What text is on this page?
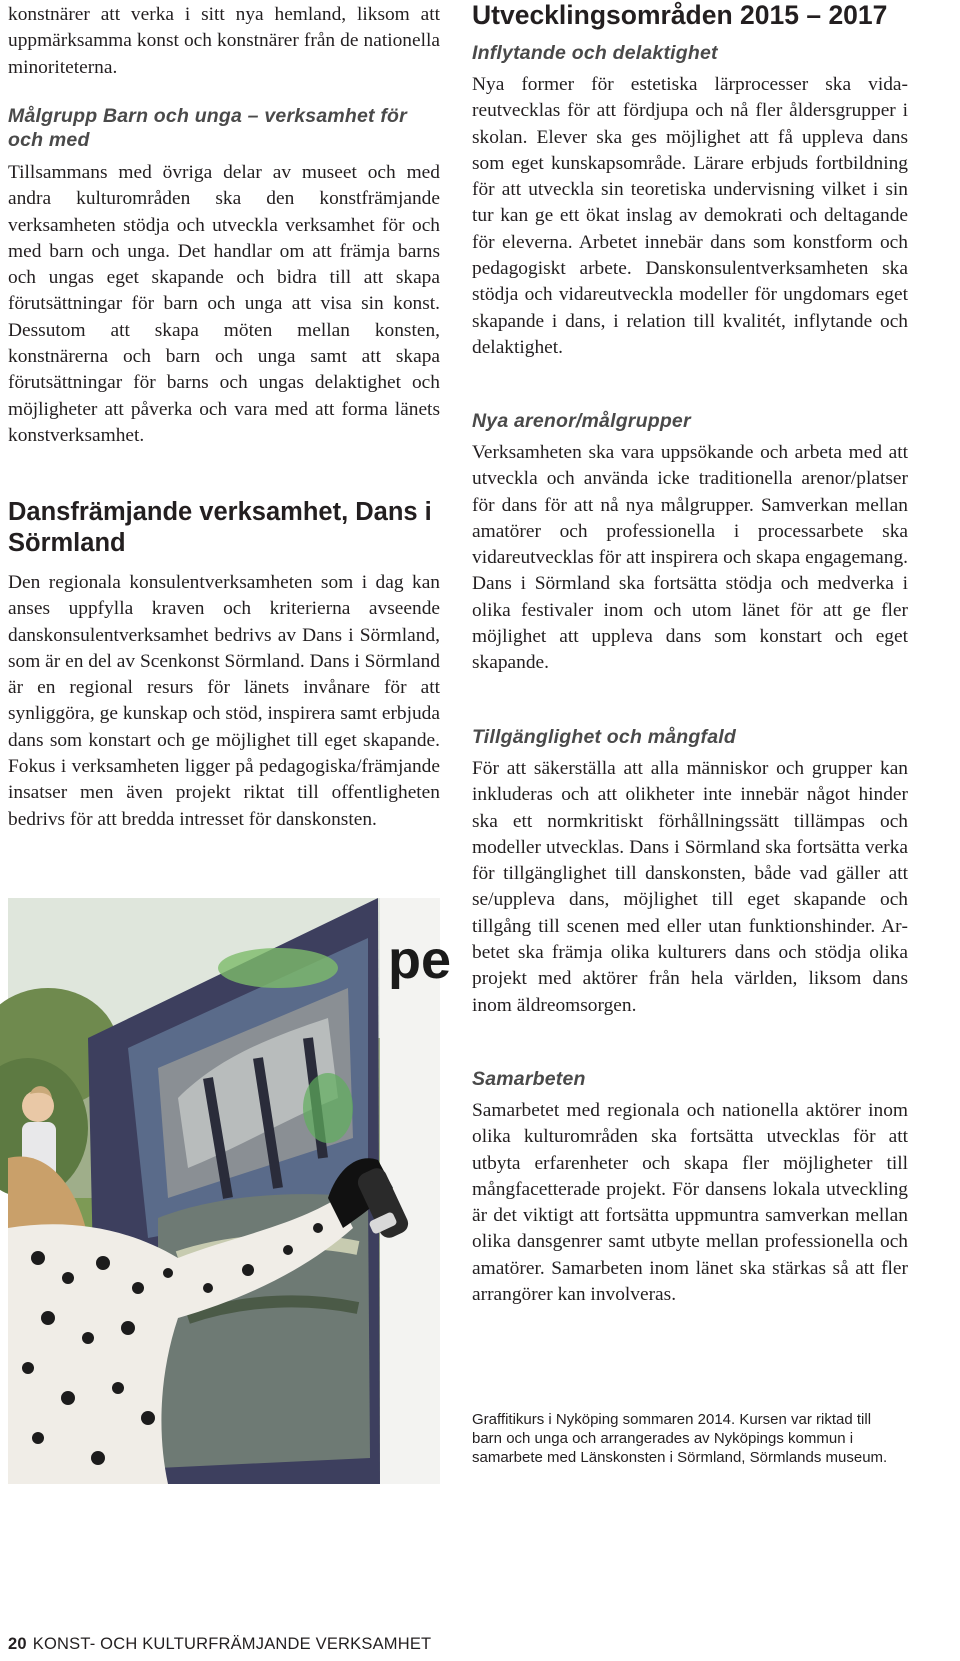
konstnärer att verka i sitt nya hemland, liksom att uppmärksamma konst och konstnärer från de nationella minoriteterna.

Målgrupp Barn och unga – verksamhet för och med

Tillsammans med övriga delar av museet och med andra kulturområden ska den konstfrämjande verksamheten stödja och utveckla verksamhet för och med barn och unga. Det handlar om att främja barns och ungas eget skapande och bidra till att skapa förutsättningar för barn och unga att visa sin konst. Dessutom att skapa möten mellan konsten, konstnärerna och barn och unga samt att skapa förutsättningar för barns och ungas delaktighet och möjligheter att påverka och vara med att forma länets konstverksamhet.

Dansfrämjande verksamhet, Dans i Sörmland

Den regionala konsulentverksamheten som i dag kan anses uppfylla kraven och kriterierna avseende danskonsulentverksamhet bedrivs av Dans i Sörmland, som är en del av Scenkonst Sörmland. Dans i Sörmland är en regional resurs för länets invånare för att synliggöra, ge kunskap och stöd, inspirera samt erbjuda dans som konstart och ge möjlighet till eget skapande. Fokus i verksamheten ligger på pedagogiska/främjande insatser men även projekt riktat till offentligheten bedrivs för att bredda intresset för danskonsten.

pe
Utvecklingsområden 2015 – 2017
Inflytande och delaktighet

Nya former för estetiska lärprocesser ska vidareutvecklas för att fördjupa och nå fler åldersgrupper i skolan. Elever ska ges möjlighet att få uppleva dans som eget kunskapsområde. Lärare erbjuds fortbildning för att utveckla sin teoretiska undervisning vilket i sin tur kan ge ett ökat inslag av demokrati och deltagande för eleverna. Arbetet innebär dans som konstform och pedagogiskt arbete. Danskonsulentverksamheten ska stödja och vidareutveckla modeller för ungdomars eget skapande i dans, i relation till kvalitét, inflytande och delaktighet.

Nya arenor/målgrupper

Verksamheten ska vara uppsökande och arbeta med att utveckla och använda icke traditionella arenor/platser för dans för att nå nya målgrupper. Samverkan mellan amatörer och professionella i processarbete ska vidareutvecklas för att inspirera och skapa engagemang. Dans i Sörmland ska fortsätta stödja och medverka i olika festivaler inom och utom länet för att ge fler möjlighet att uppleva dans som konstart och eget skapande.

Tillgänglighet och mångfald

För att säkerställa att alla människor och grupper kan inkluderas och att olikheter inte innebär något hinder ska ett normkritiskt förhållningssätt tillämpas och modeller utvecklas. Dans i Sörmland ska fortsätta verka för tillgänglighet till danskonsten, både vad gäller att se/uppleva dans, möjlighet till eget skapande och tillgång till scenen med eller utan funktionshinder. Arbetet ska främja olika kulturers dans och stödja olika projekt med aktörer från hela världen, liksom dans inom äldreomsorgen.

Samarbeten

Samarbetet med regionala och nationella aktörer inom olika kulturområden ska fortsätta utvecklas för att utbyta erfarenheter och skapa fler möjligheter till mångfacetterade projekt. För dansens lokala utveckling är det viktigt att fortsätta uppmuntra samverkan mellan olika dansgenrer samt utbyte mellan professionella och amatörer. Samarbeten inom länet ska stärkas så att fler arrangörer kan involveras.

Graffitikurs i Nyköping sommaren 2014. Kursen var riktad till barn och unga och arrangerades av Nyköpings kommun i samarbete med Länskonsten i Sörmland, Sörmlands museum.

20 KONST- OCH KULTURFRÄMJANDE VERKSAMHET
